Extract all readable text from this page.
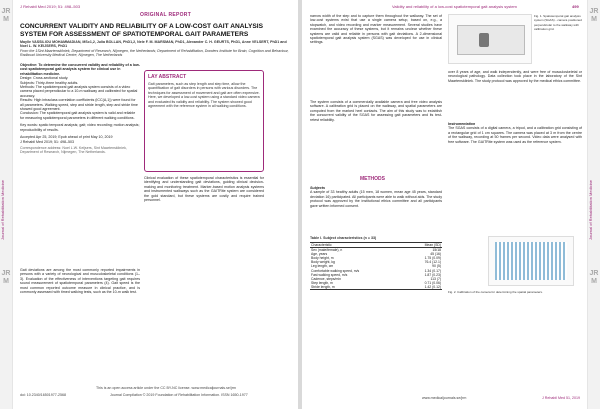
JRM
Journal of Rehabilitation Medicine
JRM
J Rehabil Med 2019; 51: 498–503
ORIGINAL REPORT
CONCURRENT VALIDITY AND RELIABILITY OF A LOW-COST GAIT ANALYSIS SYSTEM FOR ASSESSMENT OF SPATIOTEMPORAL GAIT PARAMETERS
Maylle VASSILIOU MOHAMMADIAN, MSc1,2, Julia BOLLAN, PhD1,2, Nele F. M. MARSMAN, PhD1, Alexander C. H. GEURTS, PhD1, Anne VELSERT, PhD1 and Noel L. W. KEIJSERS, PhD1
From the 1Sint Maartenskliniek, Department of Research, Nijmegen, the Netherlands; Department of Rehabilitation, Donders Institute for Brain, Cognition and Behaviour, Radboud University Medical Centre, Nijmegen, The Netherlands
Objective: To determine the concurrent validity and reliability of a low-cost spatiotemporal gait analysis system for clinical use in rehabilitation medicine.
Design: Cross-sectional study.
Subjects: Thirty-three healthy adults.
Methods: The spatiotemporal gait analysis system consists of a video camera placed perpendicular to a 10-m walkway and calibrated for spatial accuracy.
Results: High intraclass correlation coefficients (ICC(A,1)) were found for all parameters. Walking speed, step and stride length, step and stride time showed good agreement.
Conclusion: The spatiotemporal gait analysis system is valid and reliable for measuring spatiotemporal parameters in different walking conditions.
Key words: spatio temporal analysis; gait; video recording; motion analysis; reproducibility of results.
Accepted Apr 25, 2019; Epub ahead of print May 10, 2019
J Rehabil Med 2019; 51: 498–503
Correspondence address: Noel L.W. Keijsers, Sint Maartenskliniek, Department of Research, Nijmegen, The Netherlands.
LAY ABSTRACT
Gait parameters, such as step length and step time, allow the quantification of gait disorders in persons with various disorders. The techniques for assessment of movement and gait are often expensive. Here, we developed a low-cost system using a standard video camera and evaluated its validity and reliability. The system showed good agreement with the reference system in all walking conditions.
Gait deviations are among the most commonly reported impairments in persons with a variety of neurological and musculoskeletal conditions (1–3). Evaluation of the effectiveness of interventions targeting gait requires sound measurement of spatiotemporal parameters (4). Gait speed is the most common reported outcome measure in clinical practice, and is commonly assessed with timed walking tests, such as the 10-m walk test.
Clinical evaluation of these spatiotemporal characteristics is essential for identifying and understanding gait deviations, guiding clinical decision-making and monitoring treatment. Marker-based motion analysis systems and instrumented walkways such as the GAITRite system are considered the gold standard, but these systems are costly and require trained personnel.
This is an open access article under the CC BY-NC license. www.medicaljournals.se/jrm
doi: 10.2340/16501977-2568	Journal Compilation © 2019 Foundation of Rehabilitation Information. ISSN 1650-1977
JRM
Journal of Rehabilitation Medicine
JRM
Validity and reliability of a low-cost spatiotemporal gait analysis system	499
narrow width of the step and to capture them throughout the walkway. The set of low-cost systems exist that use a single camera setup, based on, e.g., a stopwatch, and video recording and marker measurement. Several studies have examined the accuracy of these systems, but it remains unclear whether these systems are valid and reliable in persons with gait deviations. A 2-dimensional spatiotemporal gait analysis system (SGAS) was developed for use in clinical settings.
The system consists of a commercially available camera and free video analysis software. A calibration grid is placed on the walkway, and spatial parameters are computed from the marked heel contacts. The aim of this study was to establish the concurrent validity of the SGAS for assessing gait parameters and its test-retest reliability.
METHODS
Subjects
A sample of 33 healthy adults (15 men, 18 women, mean age 45 years, standard deviation 16) participated. All participants were able to walk without aids. The study protocol was approved by the institutional ethics committee and all participants gave written informed consent.
Table I. Subject characteristics (n = 33)
Characteristic	Mean (SD)
Sex (male/female), n	15/18
Age, years	45 (16)
Body height, m	1.75 (0.09)
Body weight, kg	76.4 (12.1)
Leg length, cm	90 (5)
Comfortable walking speed, m/s	1.34 (0.17)
Fast walking speed, m/s	1.87 (0.23)
Cadence, steps/min	113 (7)
Step length, m	0.71 (0.06)
Stride length, m	1.42 (0.12)
Fig. 1. Spatiotemporal gait analysis system (SGAS) - camera positioned perpendicular to the walkway with calibration grid.
over 8 years of age, and walk independently, and were free of musculoskeletal or neurological pathology. Data collection took place in the laboratory of the Sint Maartenskliniek. The study protocol was approved by the medical ethics committee.
Instrumentation
The SGAS consists of a digital camera, a tripod, and a calibration grid consisting of a rectangular grid of 1 cm squares. The camera was placed at 3 m from the centre of the walkway, recording at 50 frames per second. Video data were analysed with free software. The GAITRite system was used as the reference system.
Fig. 2. Calibration of the camera for determining the spatial parameters.
J Rehabil Med 51, 2019
www.medicaljournals.se/jrm
